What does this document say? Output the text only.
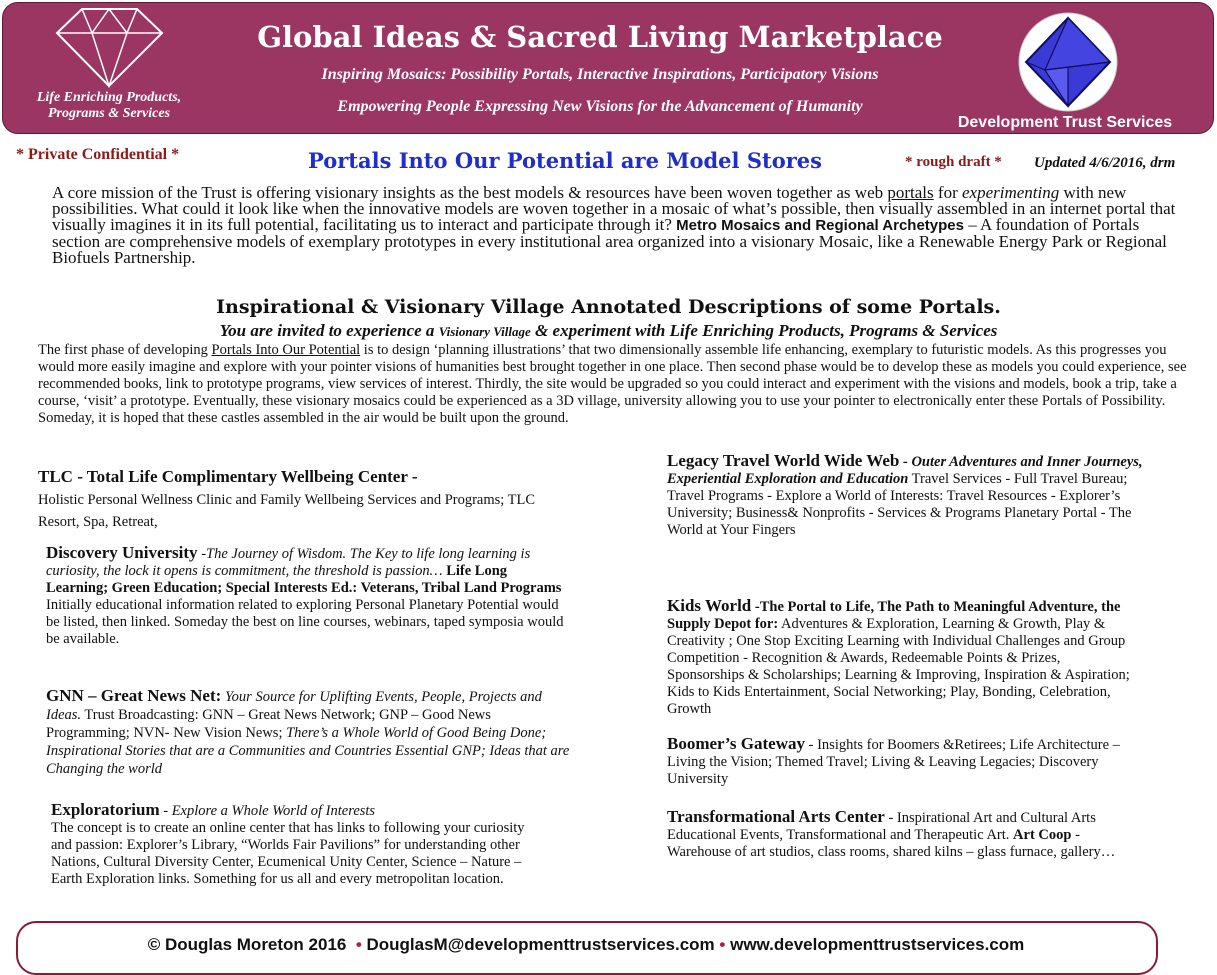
Life Enriching Products, Programs & Services
Global Ideas & Sacred Living Marketplace
Inspiring Mosaics: Possibility Portals, Interactive Inspirations, Participatory Visions
Empowering People Expressing New Visions for the Advancement of Humanity
Development Trust Services
* Private Confidential *	Portals Into Our Potential are Model Stores	* rough draft * Updated 4/6/2016, drm
A core mission of the Trust is offering visionary insights as the best models & resources have been woven together as web portals for experimenting with new possibilities. What could it look like when the innovative models are woven together in a mosaic of what’s possible, then visually assembled in an internet portal that visually imagines it in its full potential, facilitating us to interact and participate through it? Metro Mosaics and Regional Archetypes – A foundation of Portals section are comprehensive models of exemplary prototypes in every institutional area organized into a visionary Mosaic, like a Renewable Energy Park or Regional Biofuels Partnership.
Inspirational & Visionary Village Annotated Descriptions of some Portals.
You are invited to experience a Visionary Village & experiment with Life Enriching Products, Programs & Services
The first phase of developing Portals Into Our Potential is to design ‘planning illustrations’ that two dimensionally assemble life enhancing, exemplary to futuristic models. As this progresses you would more easily imagine and explore with your pointer visions of humanities best brought together in one place. Then second phase would be to develop these as models you could experience, see recommended books, link to prototype programs, view services of interest. Thirdly, the site would be upgraded so you could interact and experiment with the visions and models, book a trip, take a course, ‘visit’ a prototype. Eventually, these visionary mosaics could be experienced as a 3D village, university allowing you to use your pointer to electronically enter these Portals of Possibility. Someday, it is hoped that these castles assembled in the air would be built upon the ground.
TLC - Total Life Complimentary Wellbeing Center -
Holistic Personal Wellness Clinic and Family Wellbeing Services and Programs; TLC Resort, Spa, Retreat,
Discovery University -The Journey of Wisdom. The Key to life long learning is curiosity, the lock it opens is commitment, the threshold is passion… Life Long Learning; Green Education; Special Interests Ed.: Veterans, Tribal Land Programs Initially educational information related to exploring Personal Planetary Potential would be listed, then linked. Someday the best on line courses, webinars, taped symposia would be available.
GNN – Great News Net: Your Source for Uplifting Events, People, Projects and Ideas. Trust Broadcasting: GNN – Great News Network; GNP – Good News Programming; NVN- New Vision News; There’s a Whole World of Good Being Done; Inspirational Stories that are a Communities and Countries Essential GNP; Ideas that are Changing the world
Exploratorium - Explore a Whole World of Interests
The concept is to create an online center that has links to following your curiosity and passion: Explorer’s Library, “Worlds Fair Pavilions” for understanding other Nations, Cultural Diversity Center, Ecumenical Unity Center, Science – Nature – Earth Exploration links. Something for us all and every metropolitan location.
Legacy Travel World Wide Web - Outer Adventures and Inner Journeys, Experiential Exploration and Education Travel Services - Full Travel Bureau; Travel Programs - Explore a World of Interests: Travel Resources - Explorer’s University; Business& Nonprofits - Services & Programs Planetary Portal - The World at Your Fingers
Kids World -The Portal to Life, The Path to Meaningful Adventure, the Supply Depot for: Adventures & Exploration, Learning & Growth, Play & Creativity ; One Stop Exciting Learning with Individual Challenges and Group Competition - Recognition & Awards, Redeemable Points & Prizes, Sponsorships & Scholarships; Learning & Improving, Inspiration & Aspiration; Kids to Kids Entertainment, Social Networking; Play, Bonding, Celebration, Growth
Boomer’s Gateway - Insights for Boomers &Retirees; Life Architecture – Living the Vision; Themed Travel; Living & Leaving Legacies; Discovery University
Transformational Arts Center - Inspirational Art and Cultural Arts Educational Events, Transformational and Therapeutic Art. Art Coop - Warehouse of art studios, class rooms, shared kilns – glass furnace, gallery…
© Douglas Moreton 2016 • DouglasM@developmenttrustservices.com • www.developmenttrustservices.com
